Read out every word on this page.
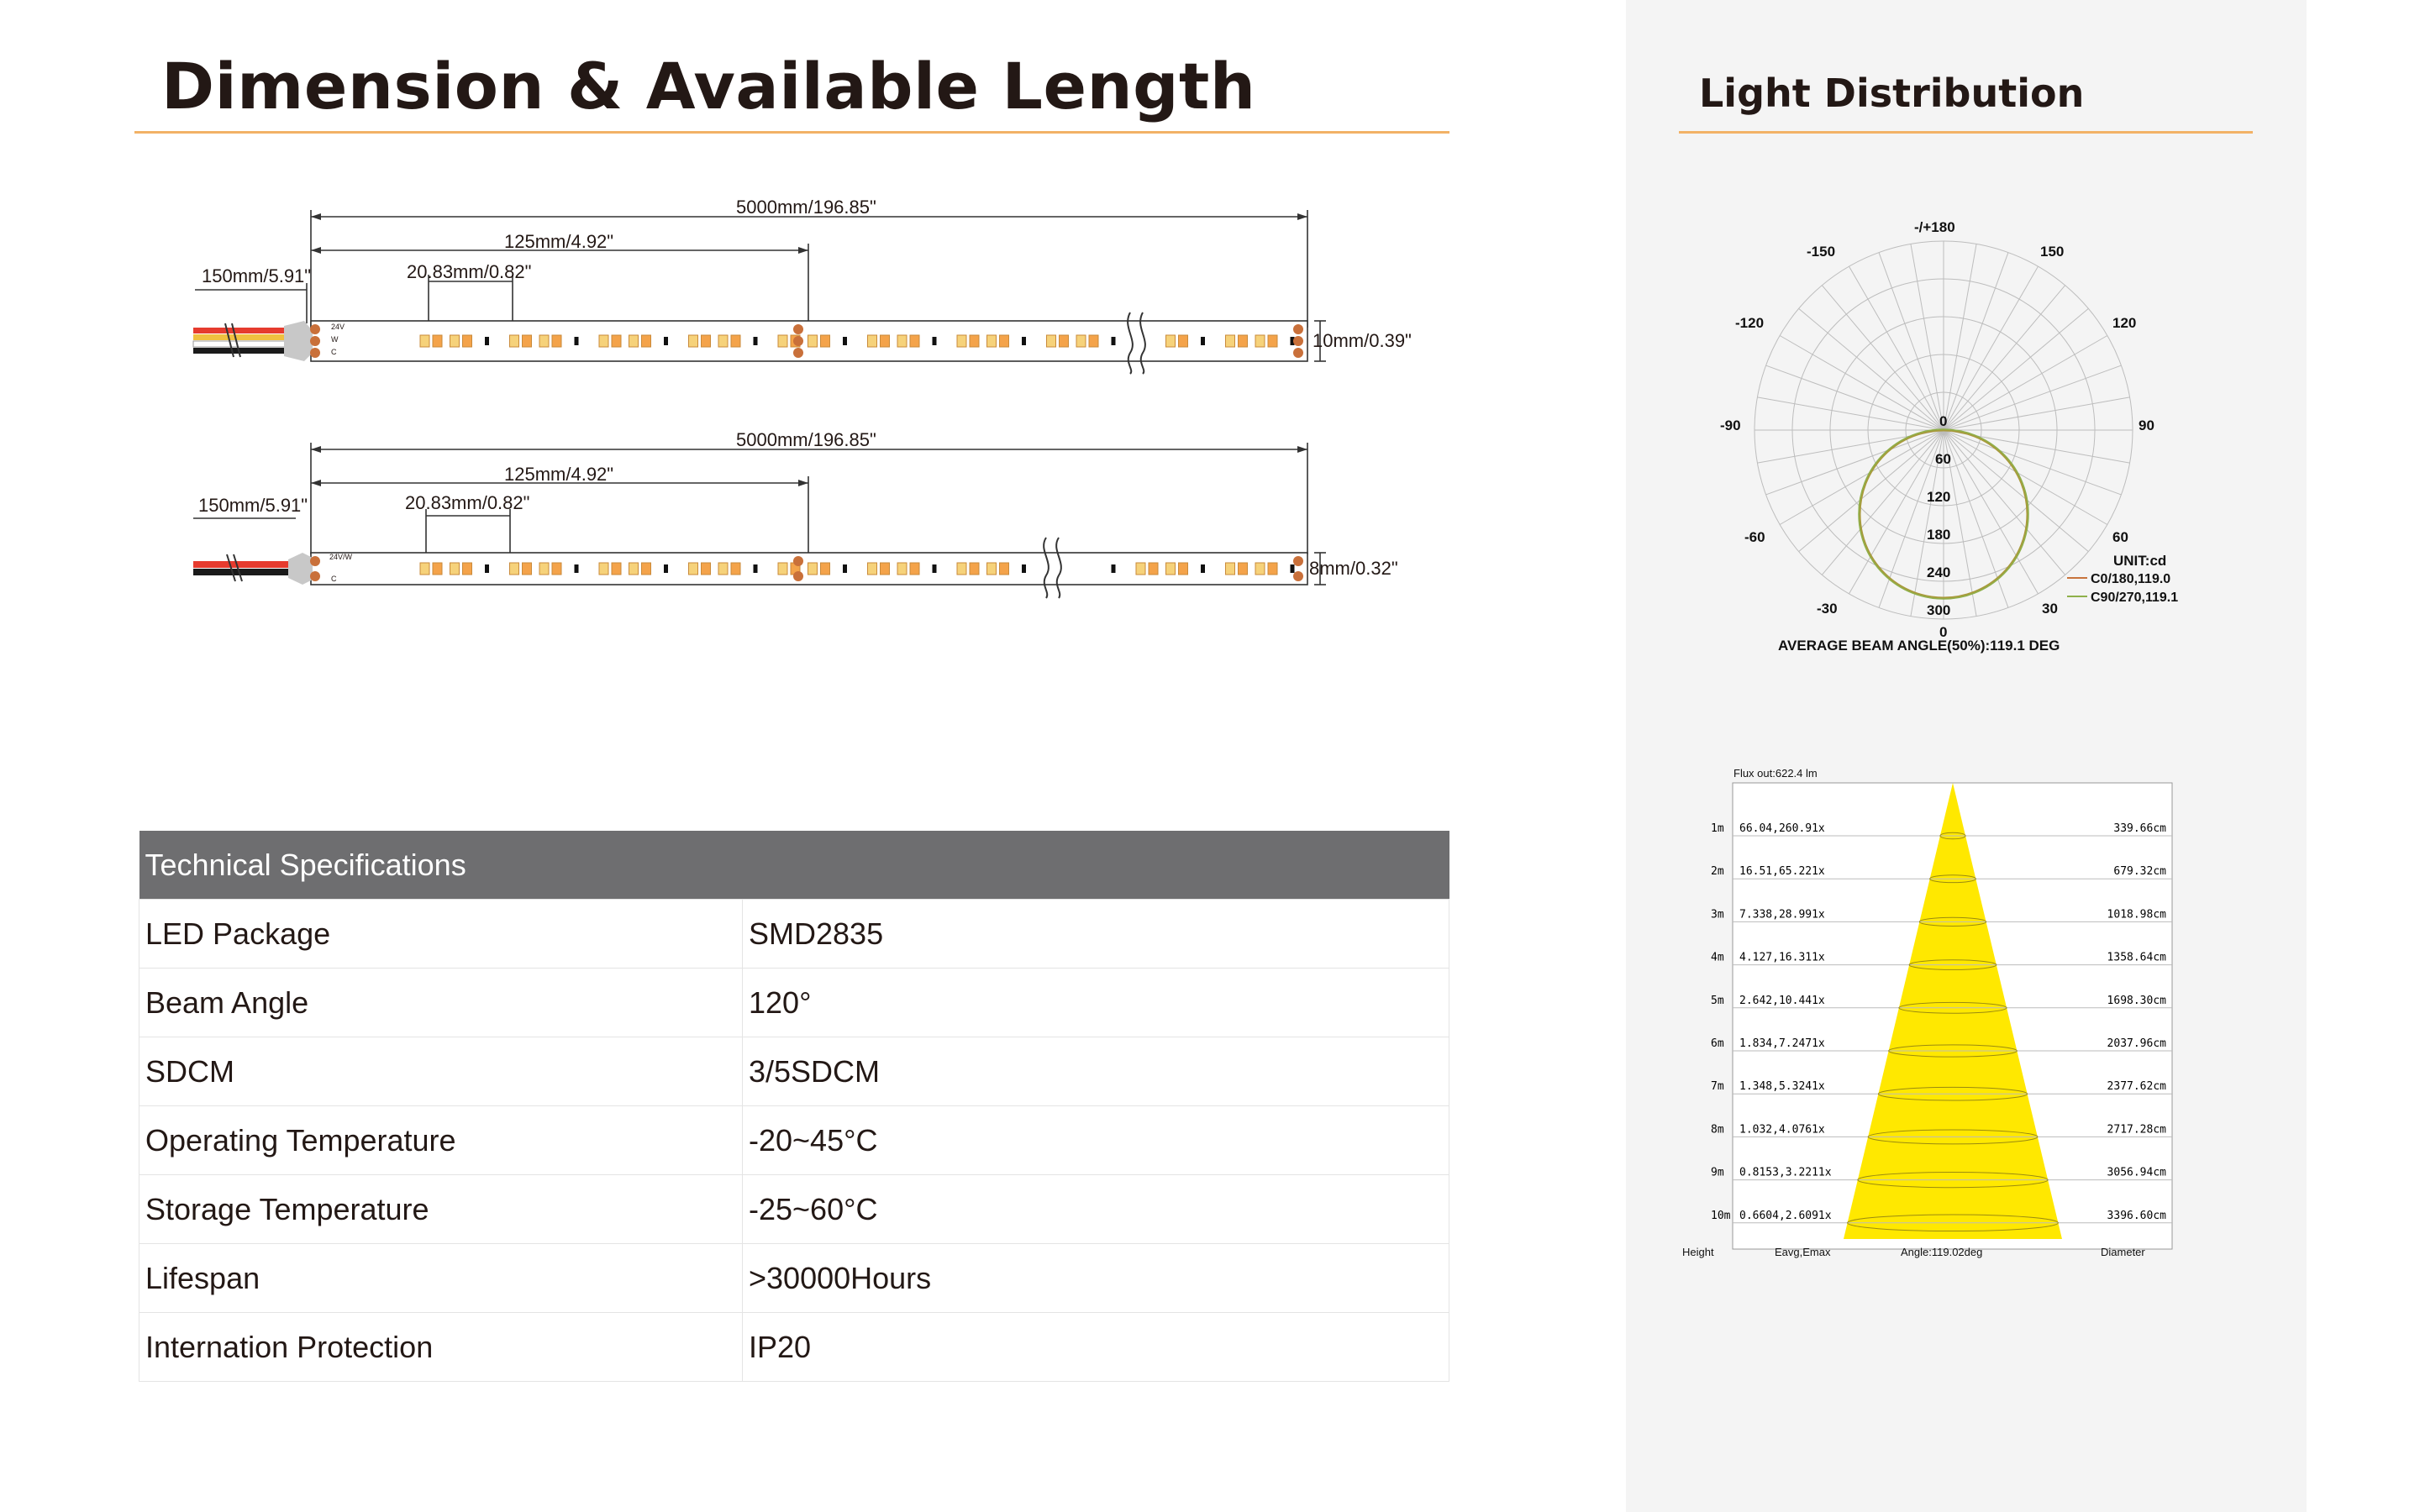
Dimension & Available Length	Light Distribution
5000mm/196.85"
125mm/4.92"
20.83mm/0.82"
150mm/5.91"
10mm/0.39"
5000mm/196.85"
125mm/4.92"
20.83mm/0.82"
150mm/5.91"
8mm/0.32"
24V
W
C
24V/W
C
Technical Specifications	
LED Package	SMD2835
Beam Angle	120°
SDCM	3/5SDCM
Operating Temperature	-20~45°C
Storage Temperature	-25~60°C
Lifespan	>30000Hours
Internation Protection	IP20
-/+180
-150	150
-120	120
-90	90
-60	60
-30	30
0
0
60
120
180
240
300
UNIT:cd
AVERAGE BEAM ANGLE(50%):119.1 DEG
C0/180,119.0
C90/270,119.1
Flux out:622.4 lm
1m 66.04,260.91x	339.66cm
2m 16.51,65.221x	679.32cm
3m 7.338,28.991x	1018.98cm
4m 4.127,16.311x	1358.64cm
5m 2.642,10.441x	1698.30cm
6m 1.834,7.2471x	2037.96cm
7m 1.348,5.3241x	2377.62cm
8m 1.032,4.0761x	2717.28cm
9m 0.8153,3.2211x	3056.94cm
10m 0.6604,2.6091x	3396.60cm
Height	Eavg,Emax	Angle:119.02deg	Diameter
